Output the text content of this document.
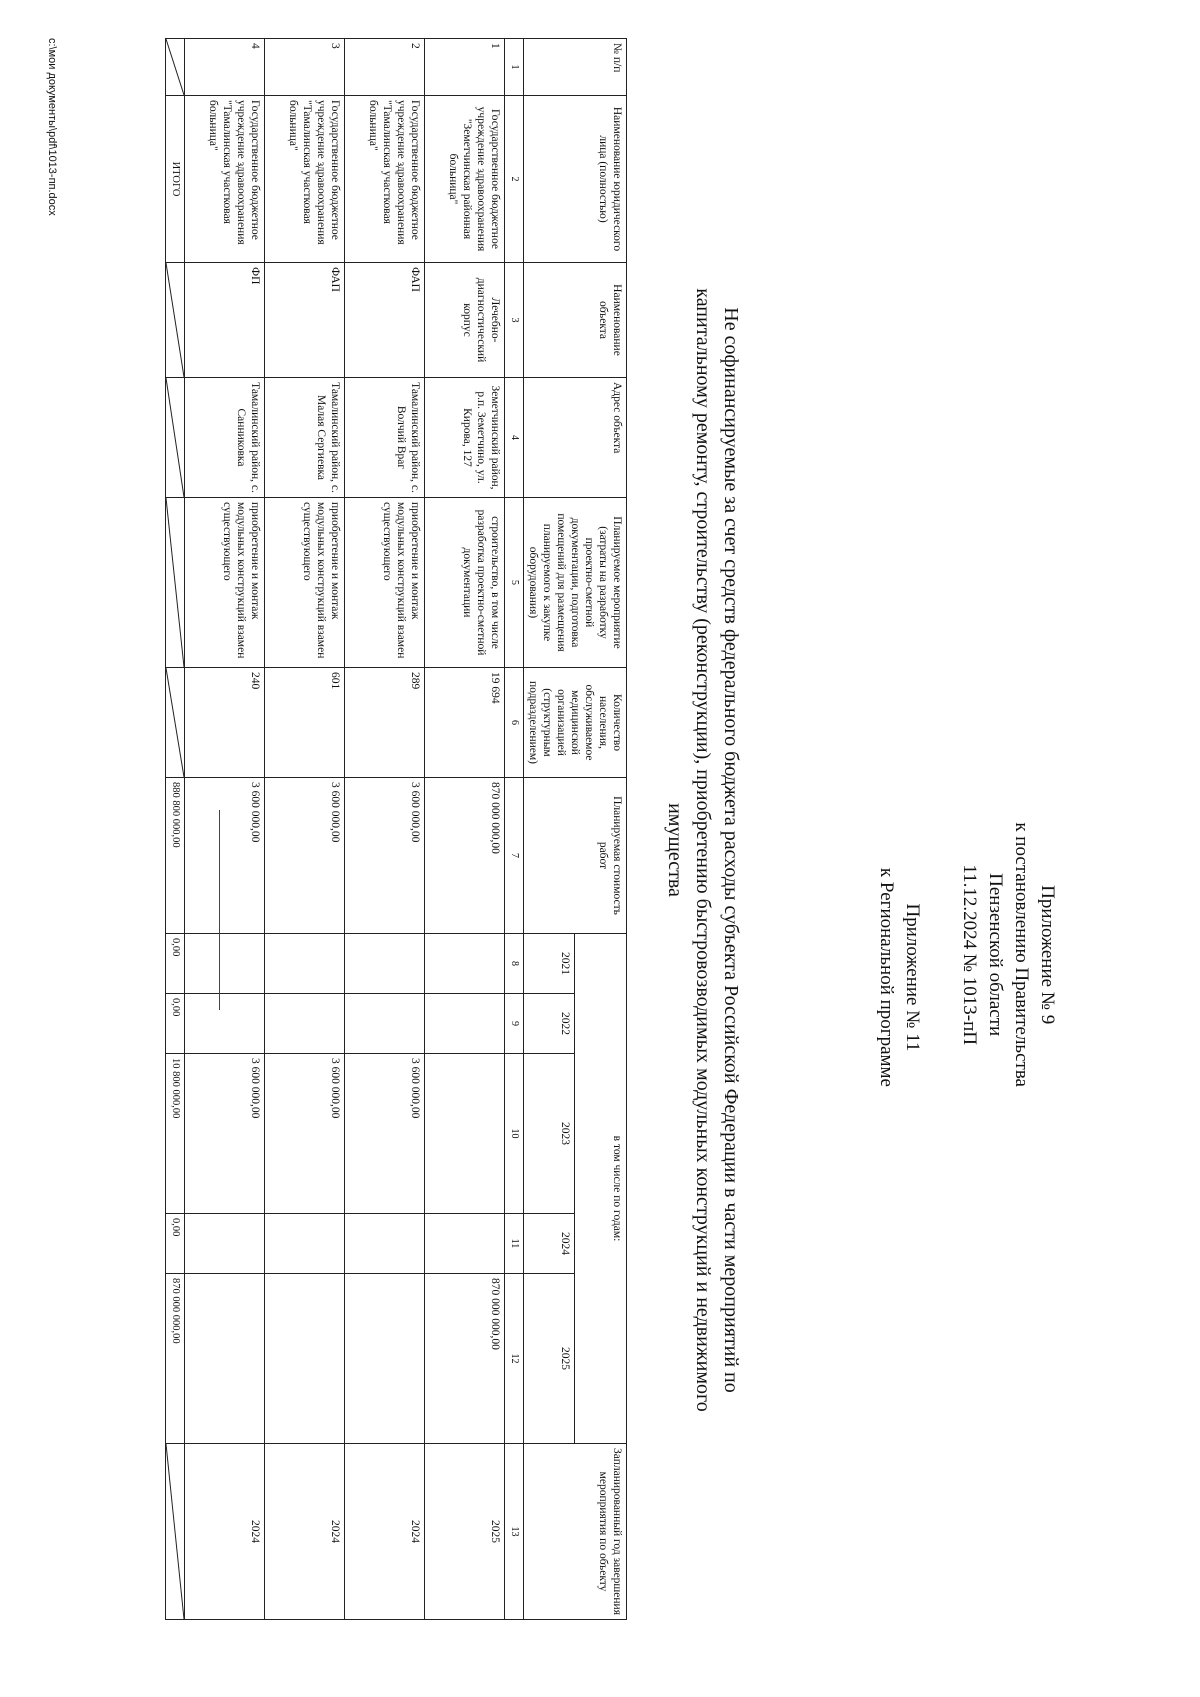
Приложение № 9
к постановлению Правительства
Пензенской области
11.12.2024 № 1013-пП
Приложение № 11
к Региональной программе
Не софинансируемые за счет средств федерального бюджета расходы субъекта Российской Федерации в части мероприятий по
капитальному ремонту, строительству (реконструкции), приобретению быстровозводимых модульных конструкций и недвижимого
имущества
№ п/п	Наименование юридического лица (полностью)	Наименование объекта	Адрес объекта	Планируемое мероприятие (затраты на разработку проектно-сметной документации, подготовка помещений для размещения планируемого к закупке оборудования)	Количество населения, обслуживаемое медицинской организацией (структурным подразделением)	Планируемая стоимость работ	в том числе по годам:					Запланированный год завершения мероприятия по объекту
							2021	2022	2023	2024	2025	
1	2	3	4	5	6	7	8	9	10	11	12	13
1	Государственное бюджетное учреждение здравоохранения "Земетчинская районная больница"	Лечебно-диагностический корпус	Земетчинский район, р.п. Земетчино, ул. Кирова, 127	строительство, в том числе разработка проектно-сметной документации	19 694	870 000 000,00					870 000 000,00	2025
2	Государственное бюджетное учреждение здравоохранения "Тамалинская участковая больница"	ФАП	Тамалинский район, с. Волчий Враг	приобретение и монтаж модульных конструкций взамен существующего	289	3 600 000,00			3 600 000,00			2024
3	Государственное бюджетное учреждение здравоохранения "Тамалинская участковая больница"	ФАП	Тамалинский район, с. Малая Сергиевка	приобретение и монтаж модульных конструкций взамен существующего	601	3 600 000,00			3 600 000,00			2024
4	Государственное бюджетное учреждение здравоохранения "Тамалинская участковая больница"	ФП	Тамалинский район, с. Санниковка	приобретение и монтаж модульных конструкций взамен существующего	240	3 600 000,00			3 600 000,00			2024

	ИТОГО					880 800 000,00	0,00	0,00	10 800 000,00	0,00	870 000 000,00	
c:\мои документы\pdf\1013-пп.docx
